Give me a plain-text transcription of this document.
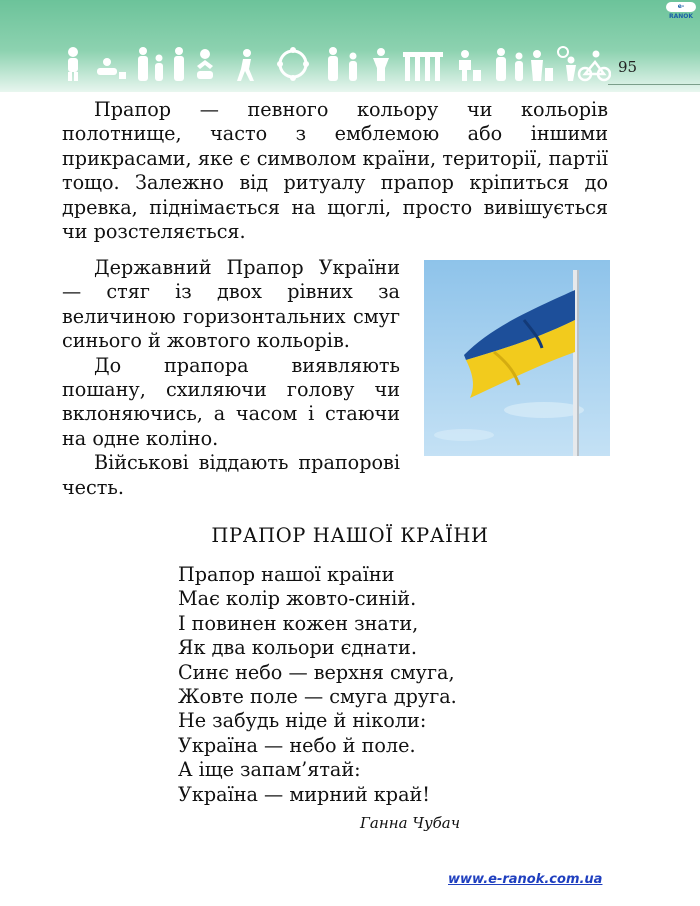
e-RANOK
95

Прапор — певного кольору чи кольорів полотнище, часто з емблемою або іншими прикрасами, яке є символом країни, території, партії тощо. Залежно від ритуалу прапор кріпиться до древка, піднімається на щоглі, просто вивішується чи розстеляється.

Державний Прапор України — стяг із двох рівних за величиною горизонтальних смуг синього й жовтого кольорів.

До прапора виявляють пошану, схиляючи голову чи вклоняючись, а часом і стаючи на одне коліно.

Військові віддають прапорові честь.

ПРАПОР НАШОЇ КРАЇНИ
Прапор нашої країни
Має колір жовто-синій.
І повинен кожен знати,
Як два кольори єднати.
Синє небо — верхня смуга,
Жовте поле — смуга друга.
Не забудь ніде й ніколи:
Україна — небо й поле.
А іще запам’ятай:
Україна — мирний край!
Ганна Чубач
www.e-ranok.com.ua
